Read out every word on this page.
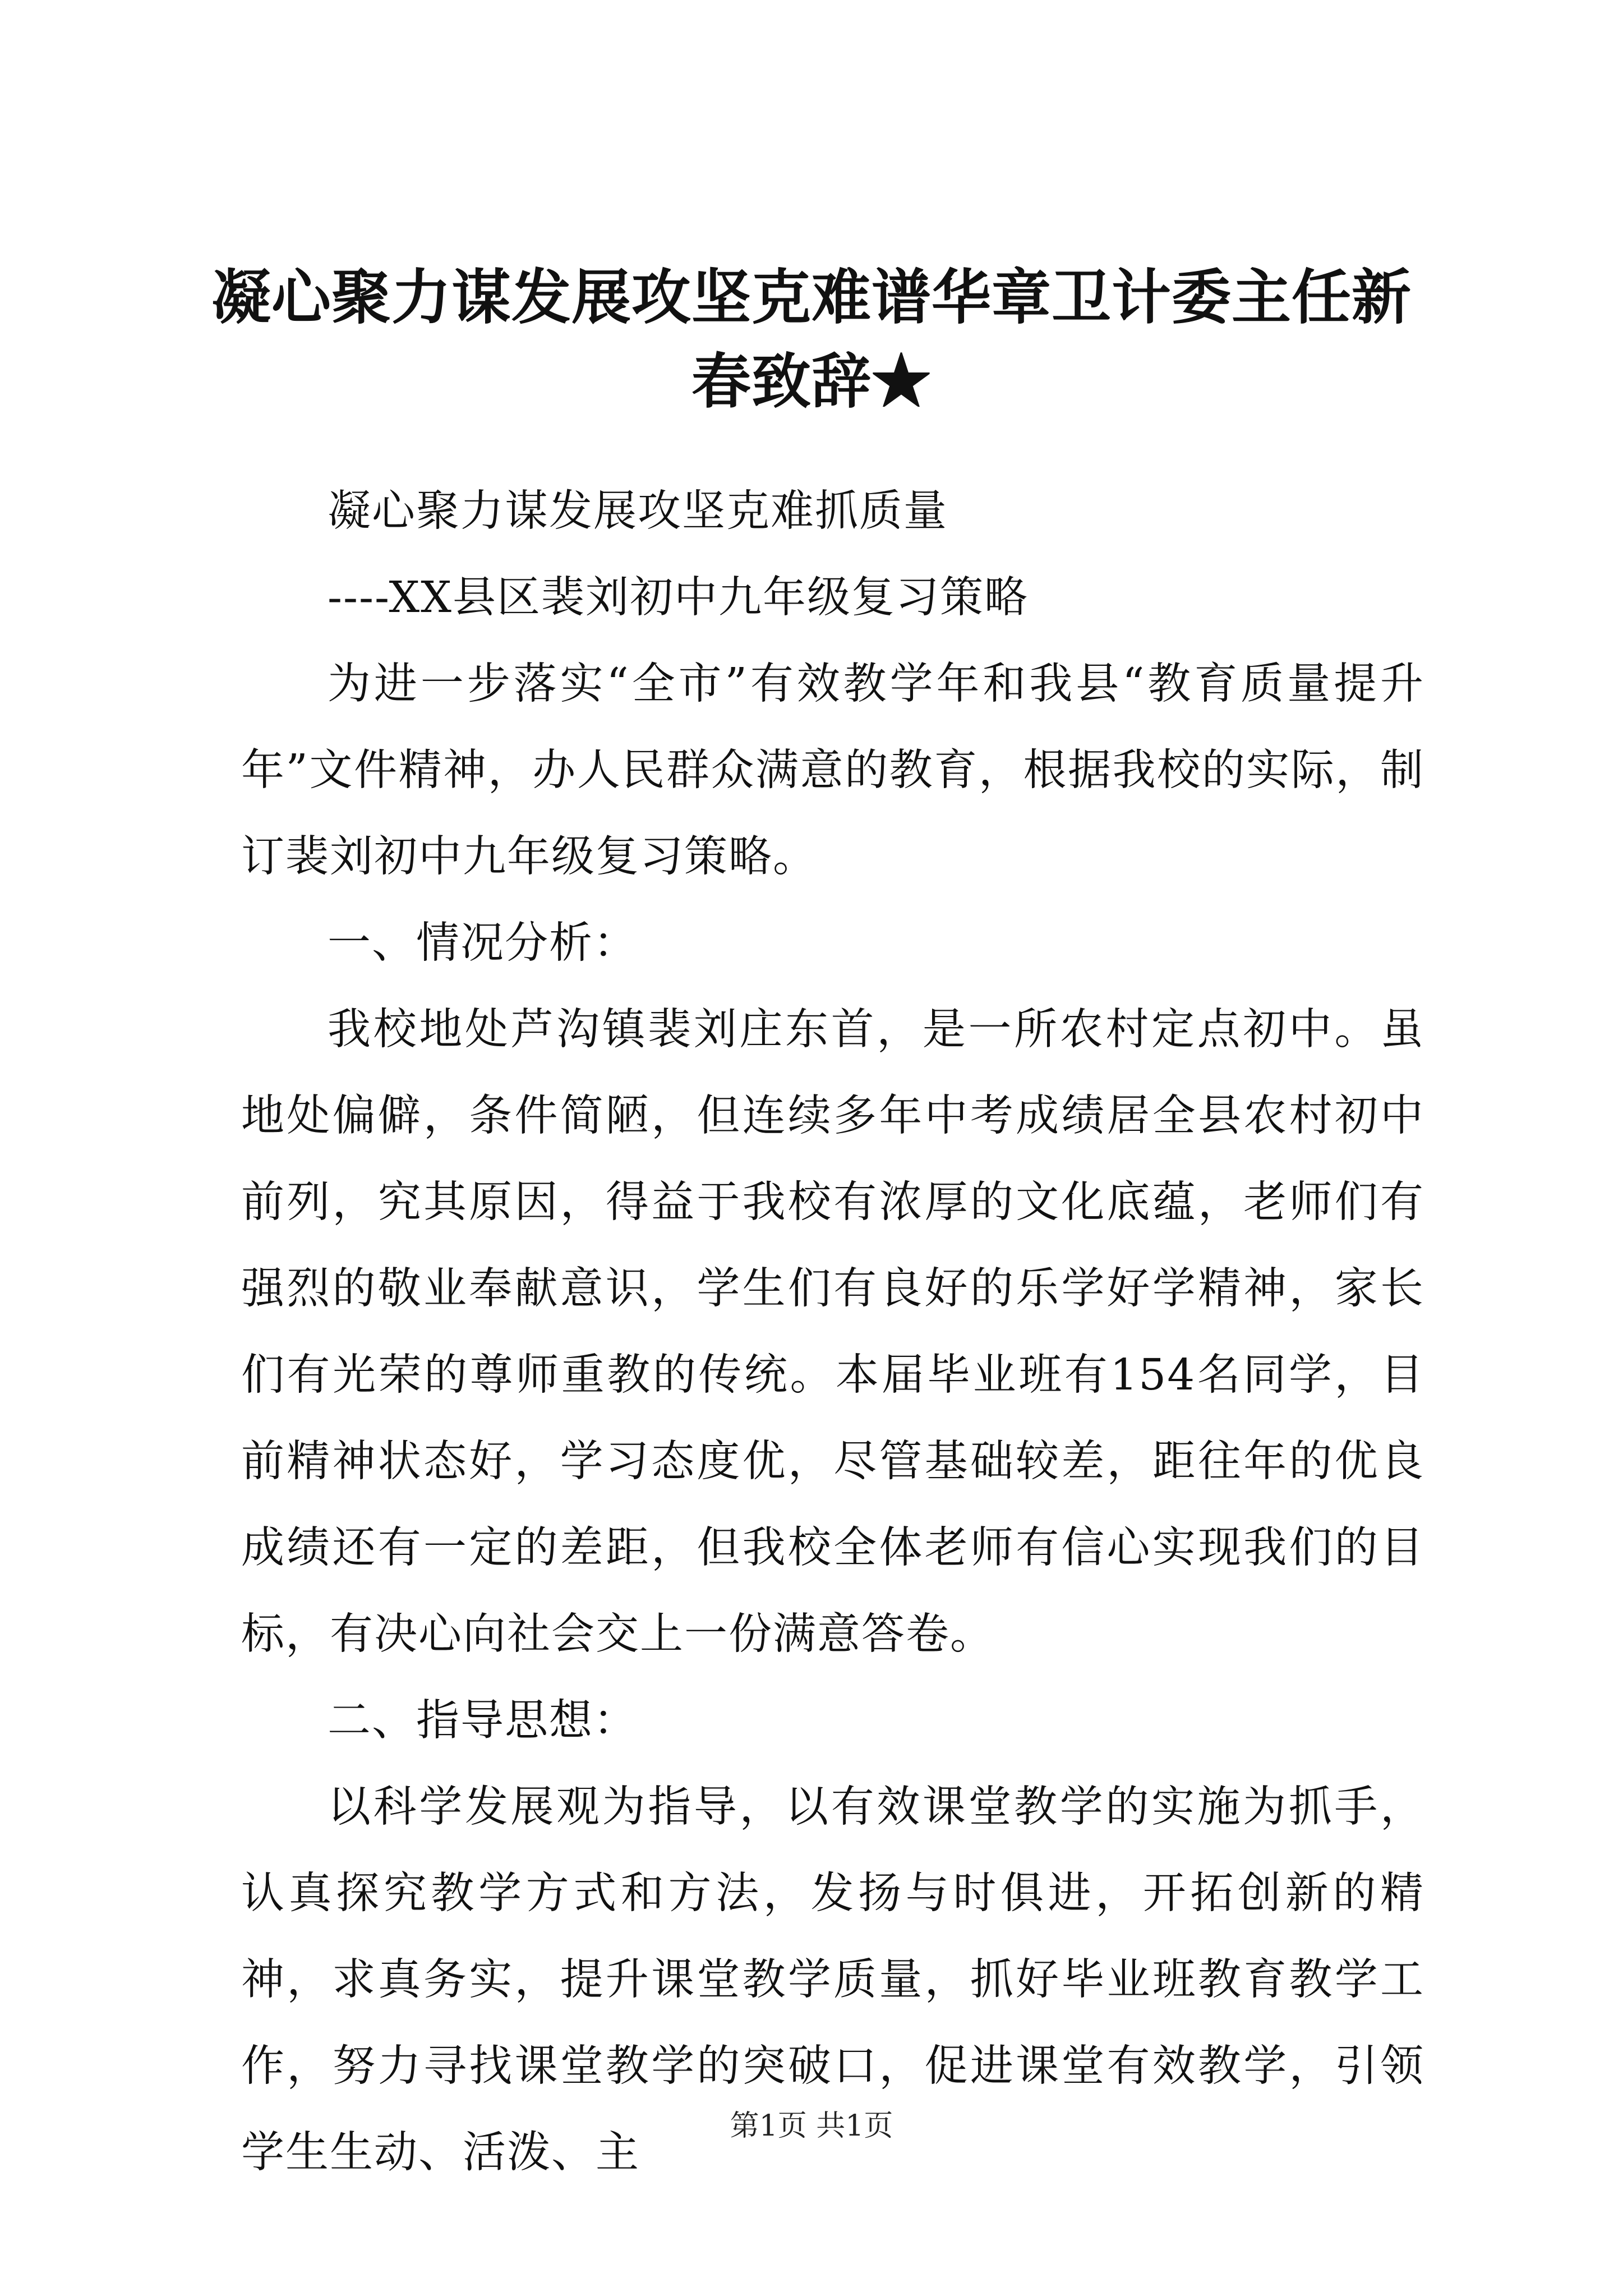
凝心聚力谋发展攻坚克难谱华章卫计委主任新春致辞★

凝心聚力谋发展攻坚克难抓质量

----XX县区裴刘初中九年级复习策略

为进一步落实“全市”有效教学年和我县“教育质量提升年”文件精神，办人民群众满意的教育，根据我校的实际，制订裴刘初中九年级复习策略。

一、情况分析：

我校地处芦沟镇裴刘庄东首，是一所农村定点初中。虽地处偏僻，条件简陋，但连续多年中考成绩居全县农村初中前列，究其原因，得益于我校有浓厚的文化底蕴，老师们有强烈的敬业奉献意识，学生们有良好的乐学好学精神，家长们有光荣的尊师重教的传统。本届毕业班有154名同学，目前精神状态好，学习态度优，尽管基础较差，距往年的优良成绩还有一定的差距，但我校全体老师有信心实现我们的目标，有决心向社会交上一份满意答卷。

二、指导思想：

以科学发展观为指导，以有效课堂教学的实施为抓手，认真探究教学方式和方法，发扬与时俱进，开拓创新的精神，求真务实，提升课堂教学质量，抓好毕业班教育教学工作，努力寻找课堂教学的突破口，促进课堂有效教学，引领学生生动、活泼、主

第1页 共1页
